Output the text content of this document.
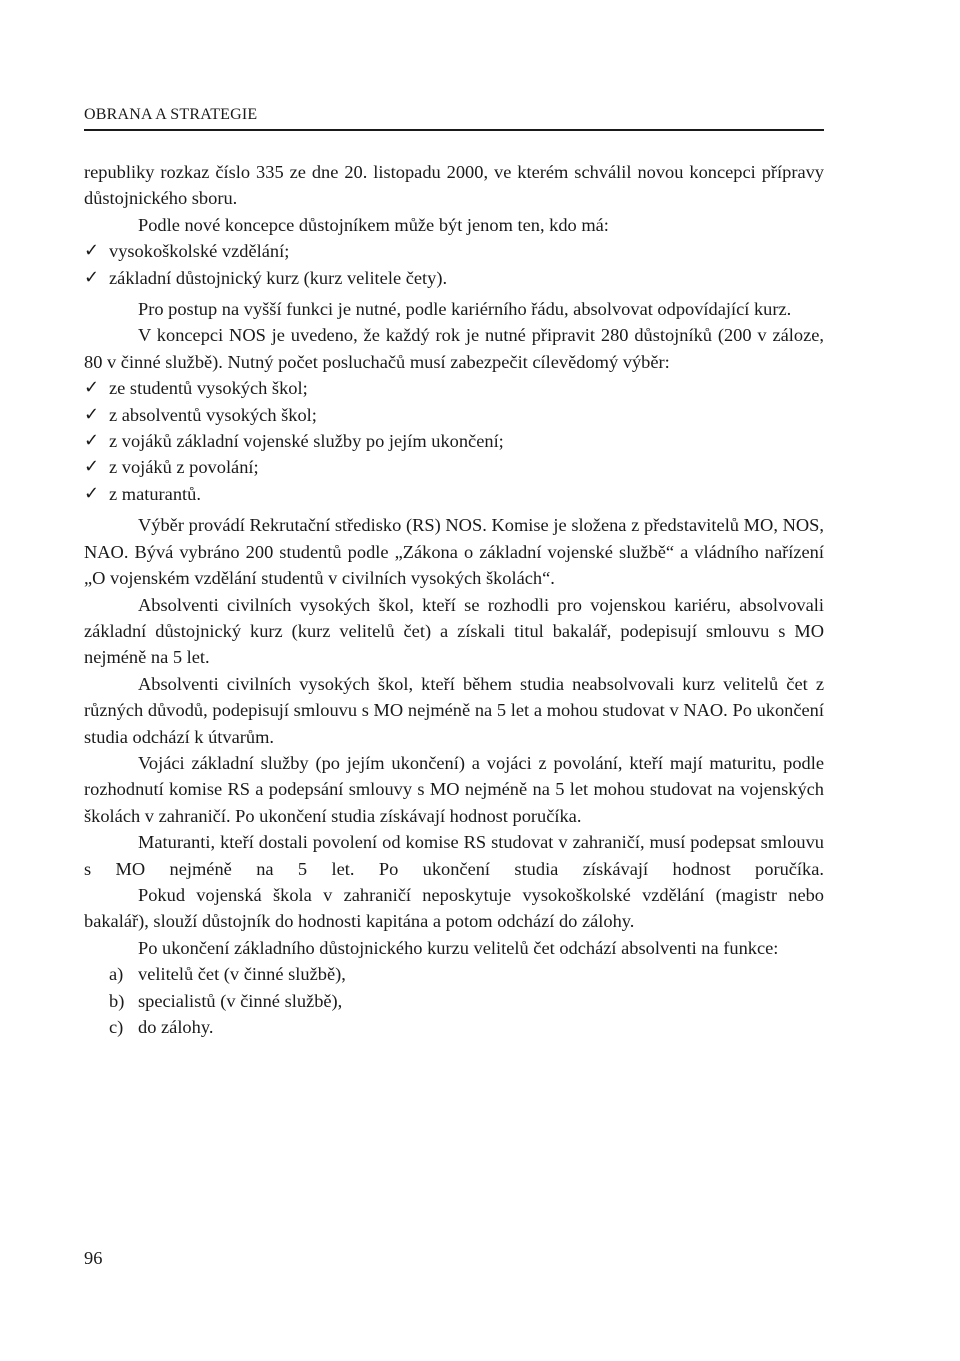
OBRANA A STRATEGIE

republiky rozkaz číslo 335 ze dne 20. listopadu 2000, ve kterém schválil novou koncepci přípravy důstojnického sboru.

Podle nové koncepce důstojníkem může být jenom ten, kdo má:

✓ vysokoškolské vzdělání;
✓ základní důstojnický kurz (kurz velitele čety).

Pro postup na vyšší funkci je nutné, podle kariérního řádu, absolvovat odpovídající kurz.

V koncepci NOS je uvedeno, že každý rok je nutné připravit 280 důstojníků (200 v záloze, 80 v činné službě). Nutný počet posluchačů musí zabezpečit cílevědomý výběr:

✓ ze studentů vysokých škol;
✓ z absolventů vysokých škol;
✓ z vojáků základní vojenské služby po jejím ukončení;
✓ z vojáků z povolání;
✓ z maturantů.

Výběr provádí Rekrutační středisko (RS) NOS. Komise je složena z představitelů MO, NOS, NAO. Bývá vybráno 200 studentů podle „Zákona o základní vojenské službě“ a vládního nařízení „O vojenském vzdělání studentů v civilních vysokých školách“.

Absolventi civilních vysokých škol, kteří se rozhodli pro vojenskou kariéru, absolvovali základní důstojnický kurz (kurz velitelů čet) a získali titul bakalář, podepisují smlouvu s MO nejméně na 5 let.

Absolventi civilních vysokých škol, kteří během studia neabsolvovali kurz velitelů čet z různých důvodů, podepisují smlouvu s MO nejméně na 5 let a mohou studovat v NAO. Po ukončení studia odchází k útvarům.

Vojáci základní služby (po jejím ukončení) a vojáci z povolání, kteří mají maturitu, podle rozhodnutí komise RS a podepsání smlouvy s MO nejméně na 5 let mohou studovat na vojenských školách v zahraničí. Po ukončení studia získávají hodnost poručíka.

Maturanti, kteří dostali povolení od komise RS studovat v zahraničí, musí podepsat smlouvu s MO nejméně na 5 let. Po ukončení studia získávají hodnost poručíka.

Pokud vojenská škola v zahraničí neposkytuje vysokoškolské vzdělání (magistr nebo bakalář), slouží důstojník do hodnosti kapitána a potom odchází do zálohy.

Po ukončení základního důstojnického kurzu velitelů čet odchází absolventi na funkce:

a) velitelů čet (v činné službě),
b) specialistů (v činné službě),
c) do zálohy.
96
